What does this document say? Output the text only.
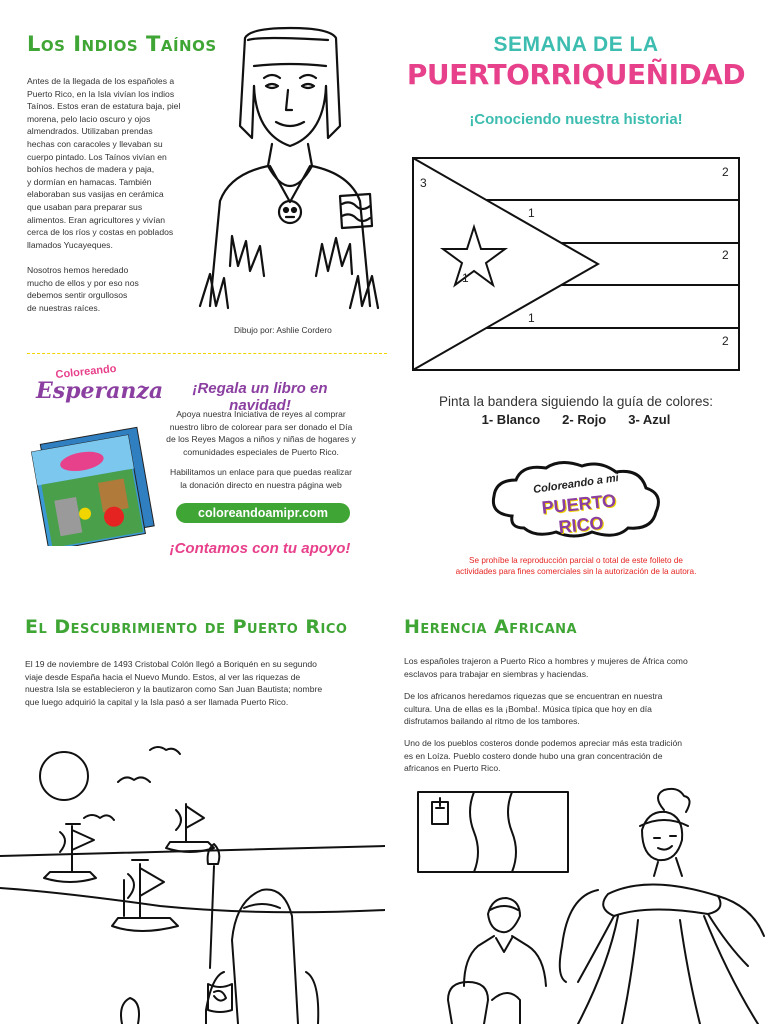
Los Indios Taínos

Antes de la llegada de los españoles a
Puerto Rico, en la Isla vivían los indios
Taínos. Estos eran de estatura baja, piel
morena, pelo lacio oscuro y ojos
almendrados. Utilizaban prendas
hechas con caracoles y llevaban su
cuerpo pintado. Los Taínos vivían en
bohíos hechos de madera y paja,
y dormían en hamacas. También
elaboraban sus vasijas en cerámica
que usaban para preparar sus
alimentos. Eran agricultores y vivían
cerca de los ríos y costas en poblados
llamados Yucayeques.

Nosotros hemos heredado
mucho de ellos y por eso nos
debemos sentir orgullosos
de nuestras raíces.

Dibujo por: Ashlie Cordero

SEMANA DE LA
PUERTORRIQUEÑIDAD
¡Conociendo nuestra historia!
3
2
1
2
1
1
2
Pinta la bandera siguiendo la guía de colores:
1- Blanco 2- Rojo 3- Azul
Coloreando a mi
PUERTO RICO

Se prohíbe la reproducción parcial o total de este folleto de
actividades para fines comerciales sin la autorización de la autora.

Coloreando
Esperanza	¡Regala un libro en navidad!

Apoya nuestra Iniciativa de reyes al comprar
nuestro libro de colorear para ser donado el Día
de los Reyes Magos a niños y niñas de hogares y
comunidades especiales de Puerto Rico.

Habilitamos un enlace para que puedas realizar
la donación directo en nuestra página web

coloreandoamipr.com
¡Contamos con tu apoyo!
El Descubrimiento de Puerto Rico

El 19 de noviembre de 1493 Cristobal Colón llegó a Boriquén en su segundo
viaje desde España hacia el Nuevo Mundo. Estos, al ver las riquezas de
nuestra Isla se establecieron y la bautizaron como San Juan Bautista; nombre
que luego adquirió la capital y la Isla pasó a ser llamada Puerto Rico.

Herencia Africana

Los españoles trajeron a Puerto Rico a hombres y mujeres de África como
esclavos para trabajar en siembras y haciendas.

De los africanos heredamos riquezas que se encuentran en nuestra
cultura. Una de ellas es la ¡Bomba!. Música típica que hoy en día
disfrutamos bailando al ritmo de los tambores.

Uno de los pueblos costeros donde podemos apreciar más esta tradición
es en Loíza. Pueblo costero donde hubo una gran concentración de
africanos en Puerto Rico.
